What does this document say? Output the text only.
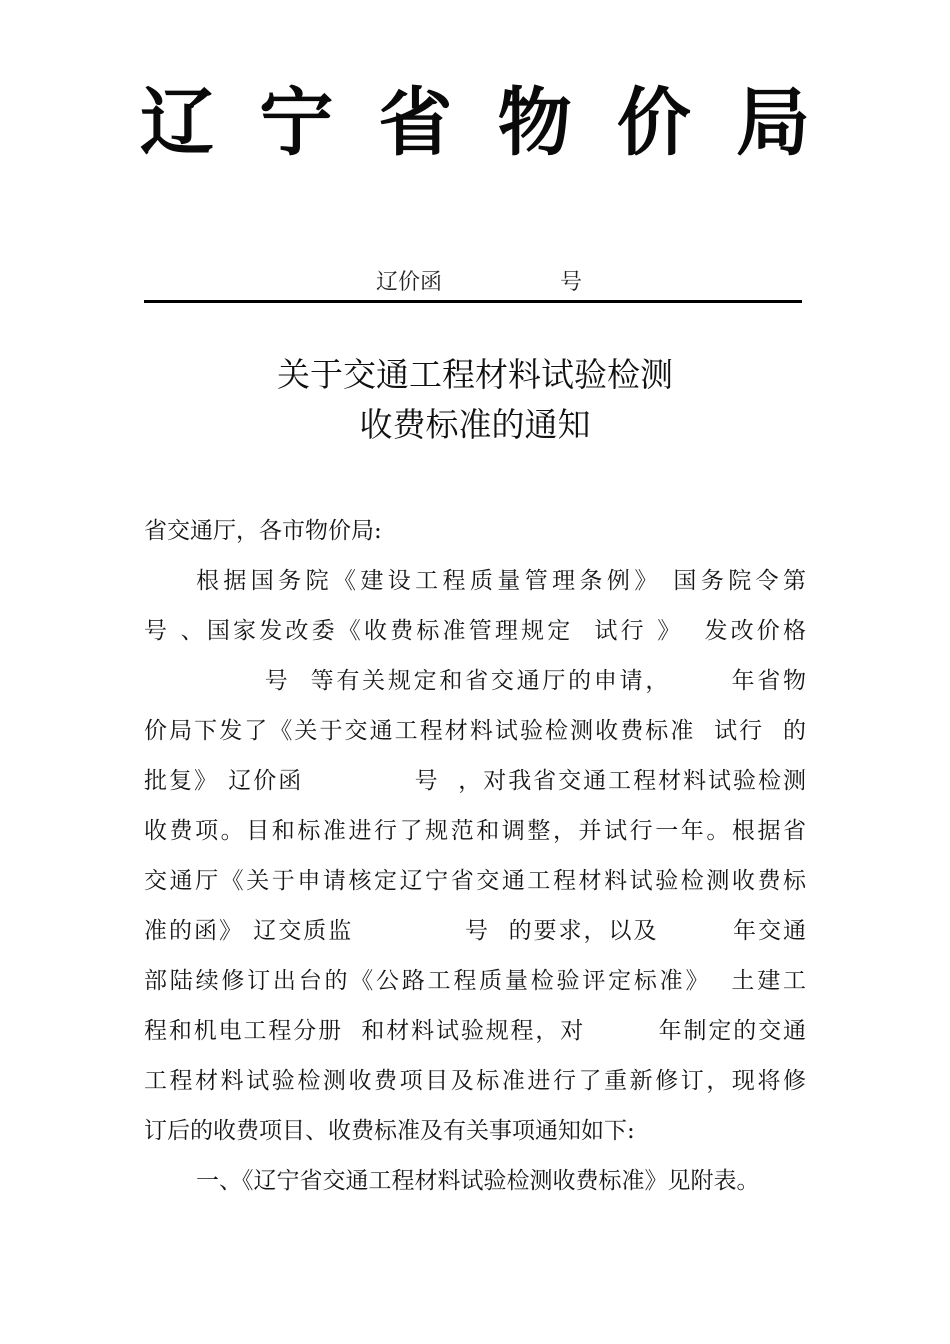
辽 宁 省 物 价 局
辽价函	号
关于交通工程材料试验检测
收费标准的通知
省交通厅，各市物价局:
根据国务院《建设工程质量管理条例》 国务院令第
号 、国家发改委《收费标准管理规定  试行 》  发改价格
号  等有关规定和省交通厅的申请，      年省物
价局下发了《关于交通工程材料试验检测收费标准  试行  的
批复》 辽价函            号  ，对我省交通工程材料试验检测
收费项。目和标准进行了规范和调整，并试行一年。根据省
交通厅《关于申请核定辽宁省交通工程材料试验检测收费标
准的函》 辽交质监            号  的要求，以及        年交通
部陆续修订出台的《公路工程质量检验评定标准》  土建工
程和机电工程分册  和材料试验规程，对        年制定的交通
工程材料试验检测收费项目及标准进行了重新修订，现将修
订后的收费项目、收费标准及有关事项通知如下:
一、《辽宁省交通工程材料试验检测收费标准》见附表。
